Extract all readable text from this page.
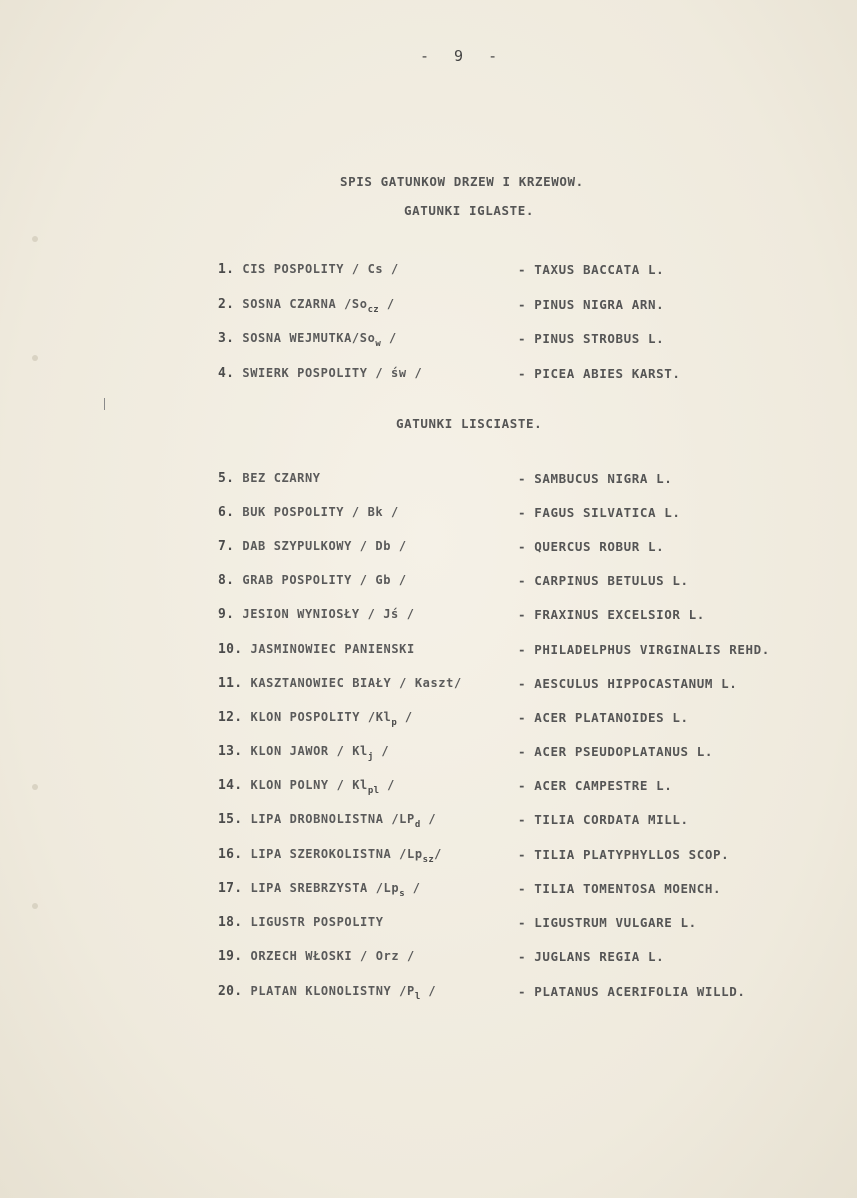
- 9 -
SPIS GATUNKOW DRZEW I KRZEWOW.
GATUNKI IGLASTE.
GATUNKI LISCIASTE.
1. CIS POSPOLITY / Cs /	- TAXUS BACCATA L.
2. SOSNA CZARNA $/So_{cz}$ /	- PINUS NIGRA ARN.
3. SOSNA WEJMUTKA/$So_w$ /	- PINUS STROBUS L.
4. SWIERK POSPOLITY / św /	- PICEA ABIES KARST.
5. BEZ CZARNY	- SAMBUCUS NIGRA L.
6. BUK POSPOLITY / Bk /	- FAGUS SILVATICA L.
7. DAB SZYPULKOWY / Db /	- QUERCUS ROBUR L.
8. GRAB POSPOLITY / Gb /	- CARPINUS BETULUS L.
9. JESION WYNIOSŁY / Jś /	- FRAXINUS EXCELSIOR L.
10. JASMINOWIEC PANIENSKI	- PHILADELPHUS VIRGINALIS REHD.
11. KASZTANOWIEC BIAŁY / Kaszt/	- AESCULUS HIPPOCASTANUM L.
12. KLON POSPOLITY $/Kl_p$ /	- ACER PLATANOIDES L.
13. KLON JAWOR / $Kl_j$ /	- ACER PSEUDOPLATANUS L.
14. KLON POLNY / $Kl_{pl}$ /	- ACER CAMPESTRE L.
15. LIPA DROBNOLISTNA $/LP_d$ /	- TILIA CORDATA MILL.
16. LIPA SZEROKOLISTNA $/Lp_{sz}/$	- TILIA PLATYPHYLLOS SCOP.
17. LIPA SREBRZYSTA $/Lp_s$ /	- TILIA TOMENTOSA MOENCH.
18. LIGUSTR POSPOLITY	- LIGUSTRUM VULGARE L.
19. ORZECH WŁOSKI / Orz /	- JUGLANS REGIA L.
20. PLATAN KLONOLISTNY $/P_l$ /	- PLATANUS ACERIFOLIA WILLD.
